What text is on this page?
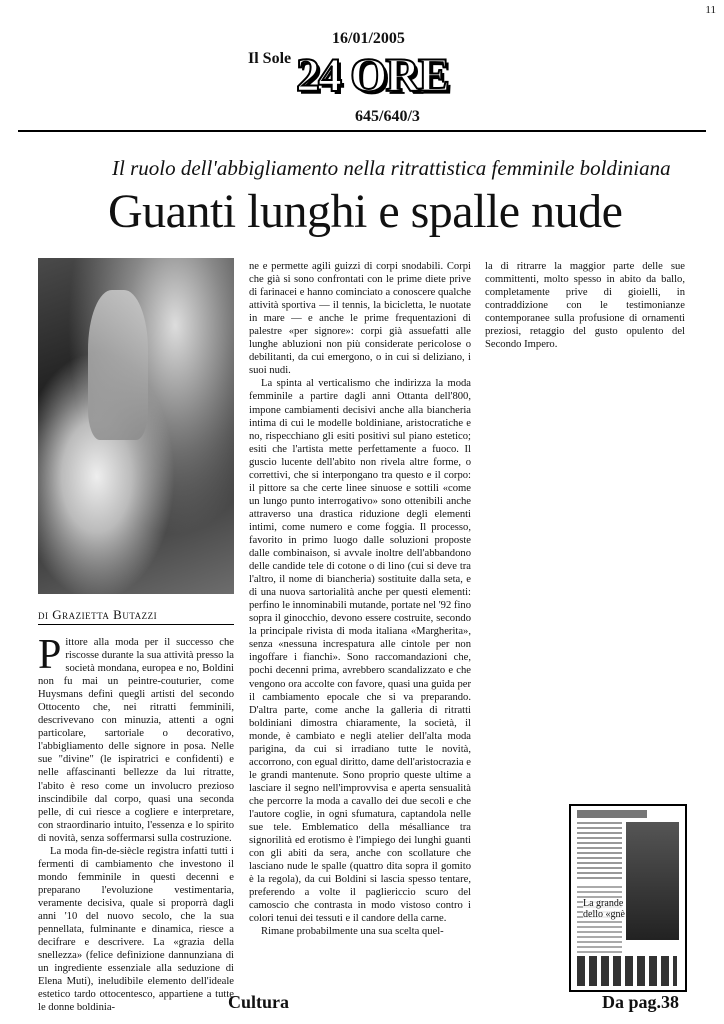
11
16/01/2005
Il Sole 24 ORE
645/640/3
Il ruolo dell'abbigliamento nella ritrattistica femminile boldiniana
Guanti lunghi e spalle nude
di Grazietta Butazzi

Pittore alla moda per il successo che riscosse durante la sua attività presso la società mondana, europea e no, Boldini non fu mai un peintre-couturier, come Huysmans definì quegli artisti del secondo Ottocento che, nei ritratti femminili, descrivevano con minuzia, attenti a ogni particolare, sartoriale o decorativo, l'abbigliamento delle signore in posa. Nelle sue "divine" (le ispiratrici e confidenti) e nelle affascinanti bellezze da lui ritratte, l'abito è reso come un involucro prezioso inscindibile dal corpo, quasi una seconda pelle, di cui riesce a cogliere e interpretare, con straordinario intuito, l'essenza e lo spirito di novità, senza soffermarsi sulla costruzione.

La moda fin-de-siècle registra infatti tutti i fermenti di cambiamento che investono il mondo femminile in questi decenni e preparano l'evoluzione vestimentaria, veramente decisiva, quale si proporrà dagli anni '10 del nuovo secolo, che la sua pennellata, fulminante e dinamica, riesce a decifrare e descrivere. La «grazia della snellezza» (felice definizione dannunziana di un ingrediente essenziale alla seduzione di Elena Muti), ineludibile elemento dell'ideale estetico tardo ottocentesco, appartiene a tutte le donne boldinia-

ne e permette agili guizzi di corpi snodabili. Corpi che già si sono confrontati con le prime diete prive di farinacei e hanno cominciato a conoscere qualche attività sportiva — il tennis, la bicicletta, le nuotate in mare — e anche le prime frequentazioni di palestre «per signore»: corpi già assuefatti alle lunghe abluzioni non più considerate pericolose o debilitanti, da cui emergono, o in cui si deliziano, i suoi nudi.

La spinta al verticalismo che indirizza la moda femminile a partire dagli anni Ottanta dell'800, impone cambiamenti decisivi anche alla biancheria intima di cui le modelle boldiniane, aristocratiche e no, rispecchiano gli esiti positivi sul piano estetico; esiti che l'artista mette perfettamente a fuoco. Il guscio lucente dell'abito non rivela altre forme, o correttivi, che si interpongano tra questo e il corpo: il pittore sa che certe linee sinuose e sottili «come un lungo punto interrogativo» sono ottenibili anche attraverso una drastica riduzione degli elementi intimi, come numero e come foggia. Il processo, favorito in primo luogo dalle soluzioni proposte dalle combinaison, si avvale inoltre dell'abbandono delle candide tele di cotone o di lino (cui si deve tra l'altro, il nome di biancheria) sostituite dalla seta, e di una nuova sartorialità anche per questi elementi: perfino le innominabili mutande, portate nel '92 fino sopra il ginocchio, devono essere costruite, secondo la principale rivista di moda italiana «Margherita», senza «nessuna increspatura alle cintole per non ingoffare i fianchi». Sono raccomandazioni che, pochi decenni prima, avrebbero scandalizzato e che vengono ora accolte con favore, quasi una guida per il cambiamento epocale che si va preparando. D'altra parte, come anche la galleria di ritratti boldiniani dimostra chiaramente, la società, il monde, è cambiato e negli atelier dell'alta moda parigina, da cui si irradiano tutte le novità, accorrono, con egual diritto, dame dell'aristocrazia e le grandi mantenute. Sono proprio queste ultime a lasciare il segno nell'improvvisa e aperta sensualità che percorre la moda a cavallo dei due secoli e che l'autore coglie, in ogni sfumatura, captandola nelle sue tele. Emblematico della mésalliance tra signorilità ed erotismo è l'impiego dei lunghi guanti con gli abiti da sera, anche con scollature che lasciano nude le spalle (quattro dita sopra il gomito è la regola), da cui Boldini si lascia spesso tentare, preferendo a volte il pagliericcio scuro del camoscio che contrasta in modo vistoso contro i colori tenui dei tessuti e il candore della carne.

Rimane probabilmente una sua scelta quel-

la di ritrarre la maggior parte delle sue committenti, molto spesso in abito da ballo, completamente prive di gioielli, in contraddizione con le testimonianze contemporanee sulla profusione di ornamenti preziosi, retaggio del gusto opulento del Secondo Impero.

La grande
dello «gnè
Cultura	Da pag.38
